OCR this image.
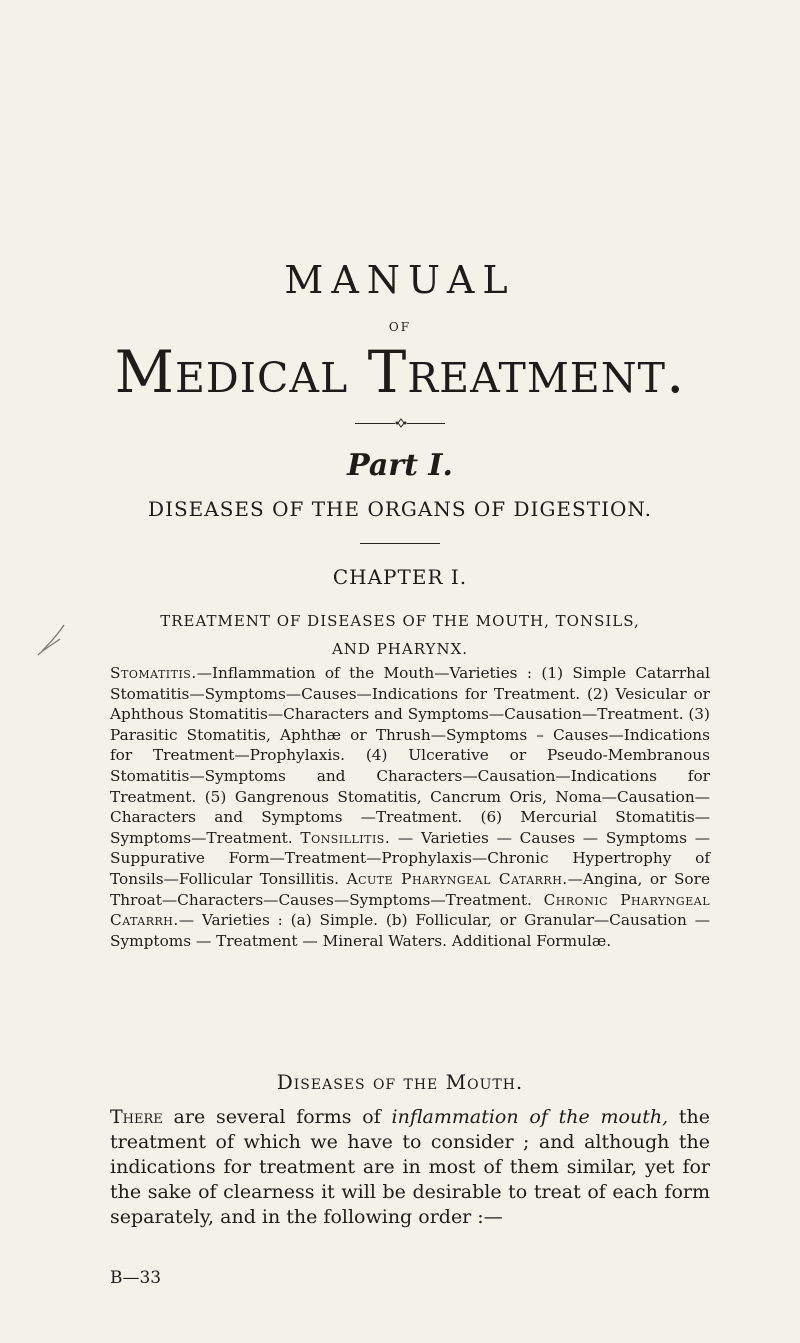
MANUAL
OF
Medical Treatment.
Part I.
DISEASES OF THE ORGANS OF DIGESTION.
CHAPTER I.
TREATMENT OF DISEASES OF THE MOUTH, TONSILS,
AND PHARYNX.

Stomatitis.—Inflammation of the Mouth—Varieties : (1) Simple Catarrhal Stomatitis—Symptoms—Causes—Indications for Treatment. (2) Vesicular or Aphthous Stomatitis—Characters and Symptoms—Causation—Treatment. (3) Parasitic Stomatitis, Aphthæ or Thrush—Symptoms – Causes—Indications for Treatment—Prophylaxis. (4) Ulcerative or Pseudo-Membranous Stomatitis—Symptoms and Characters—Causation—Indications for Treatment. (5) Gangrenous Stomatitis, Cancrum Oris, Noma—Causation—Characters and Symptoms —Treatment. (6) Mercurial Stomatitis—Symptoms—Treatment. Tonsillitis. — Varieties — Causes — Symptoms — Suppurative Form—Treatment—Prophylaxis—Chronic Hypertrophy of Tonsils—Follicular Tonsillitis. Acute Pharyngeal Catarrh.—Angina, or Sore Throat—Characters—Causes—Symptoms—Treatment. Chronic Pharyngeal Catarrh.— Varieties : (a) Simple. (b) Follicular, or Granular—Causation — Symptoms — Treatment — Mineral Waters. Additional Formulæ.

Diseases of the Mouth.
There are several forms of inflammation of the mouth, the treatment of which we have to consider ; and although the indications for treatment are in most of them similar, yet for the sake of clearness it will be desirable to treat of each form separately, and in the following order :—
B—33
